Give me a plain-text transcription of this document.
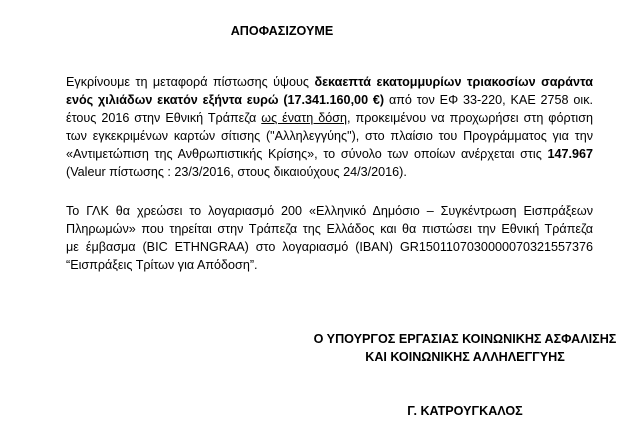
ΑΠΟΦΑΣΙΖΟΥΜΕ
Εγκρίνουμε τη μεταφορά πίστωσης ύψους δεκαεπτά εκατομμυρίων τριακοσίων σαράντα
ενός χιλιάδων εκατόν εξήντα ευρώ (17.341.160,00 €) από τον ΕΦ 33-220, ΚΑΕ 2758 οικ.
έτους 2016 στην Εθνική Τράπεζα ως ένατη δόση, προκειμένου να προχωρήσει στη φόρτιση
των εγκεκριμένων καρτών σίτισης ("Αλληλεγγύης"), στο πλαίσιο του Προγράμματος για την
«Αντιμετώπιση της Ανθρωπιστικής Κρίσης», το σύνολο των οποίων ανέρχεται στις 147.967
(Valeur πίστωσης : 23/3/2016, στους δικαιούχους 24/3/2016).
Το ΓΛΚ θα χρεώσει το λογαριασμό 200 «Ελληνικό Δημόσιο – Συγκέντρωση Εισπράξεων
Πληρωμών» που τηρείται στην Τράπεζα της Ελλάδος και θα πιστώσει την Εθνική Τράπεζα
με έμβασμα (BIC ETHNGRAA) στο λογαριασμό (IBAN) GR1501107030000070321557376
“Εισπράξεις Τρίτων για Απόδοση”.
Ο ΥΠΟΥΡΓΟΣ ΕΡΓΑΣΙΑΣ ΚΟΙΝΩΝΙΚΗΣ ΑΣΦΑΛΙΣΗΣ
ΚΑΙ ΚΟΙΝΩΝΙΚΗΣ ΑΛΛΗΛΕΓΓΥΗΣ
Γ. ΚΑΤΡΟΥΓΚΑΛΟΣ
